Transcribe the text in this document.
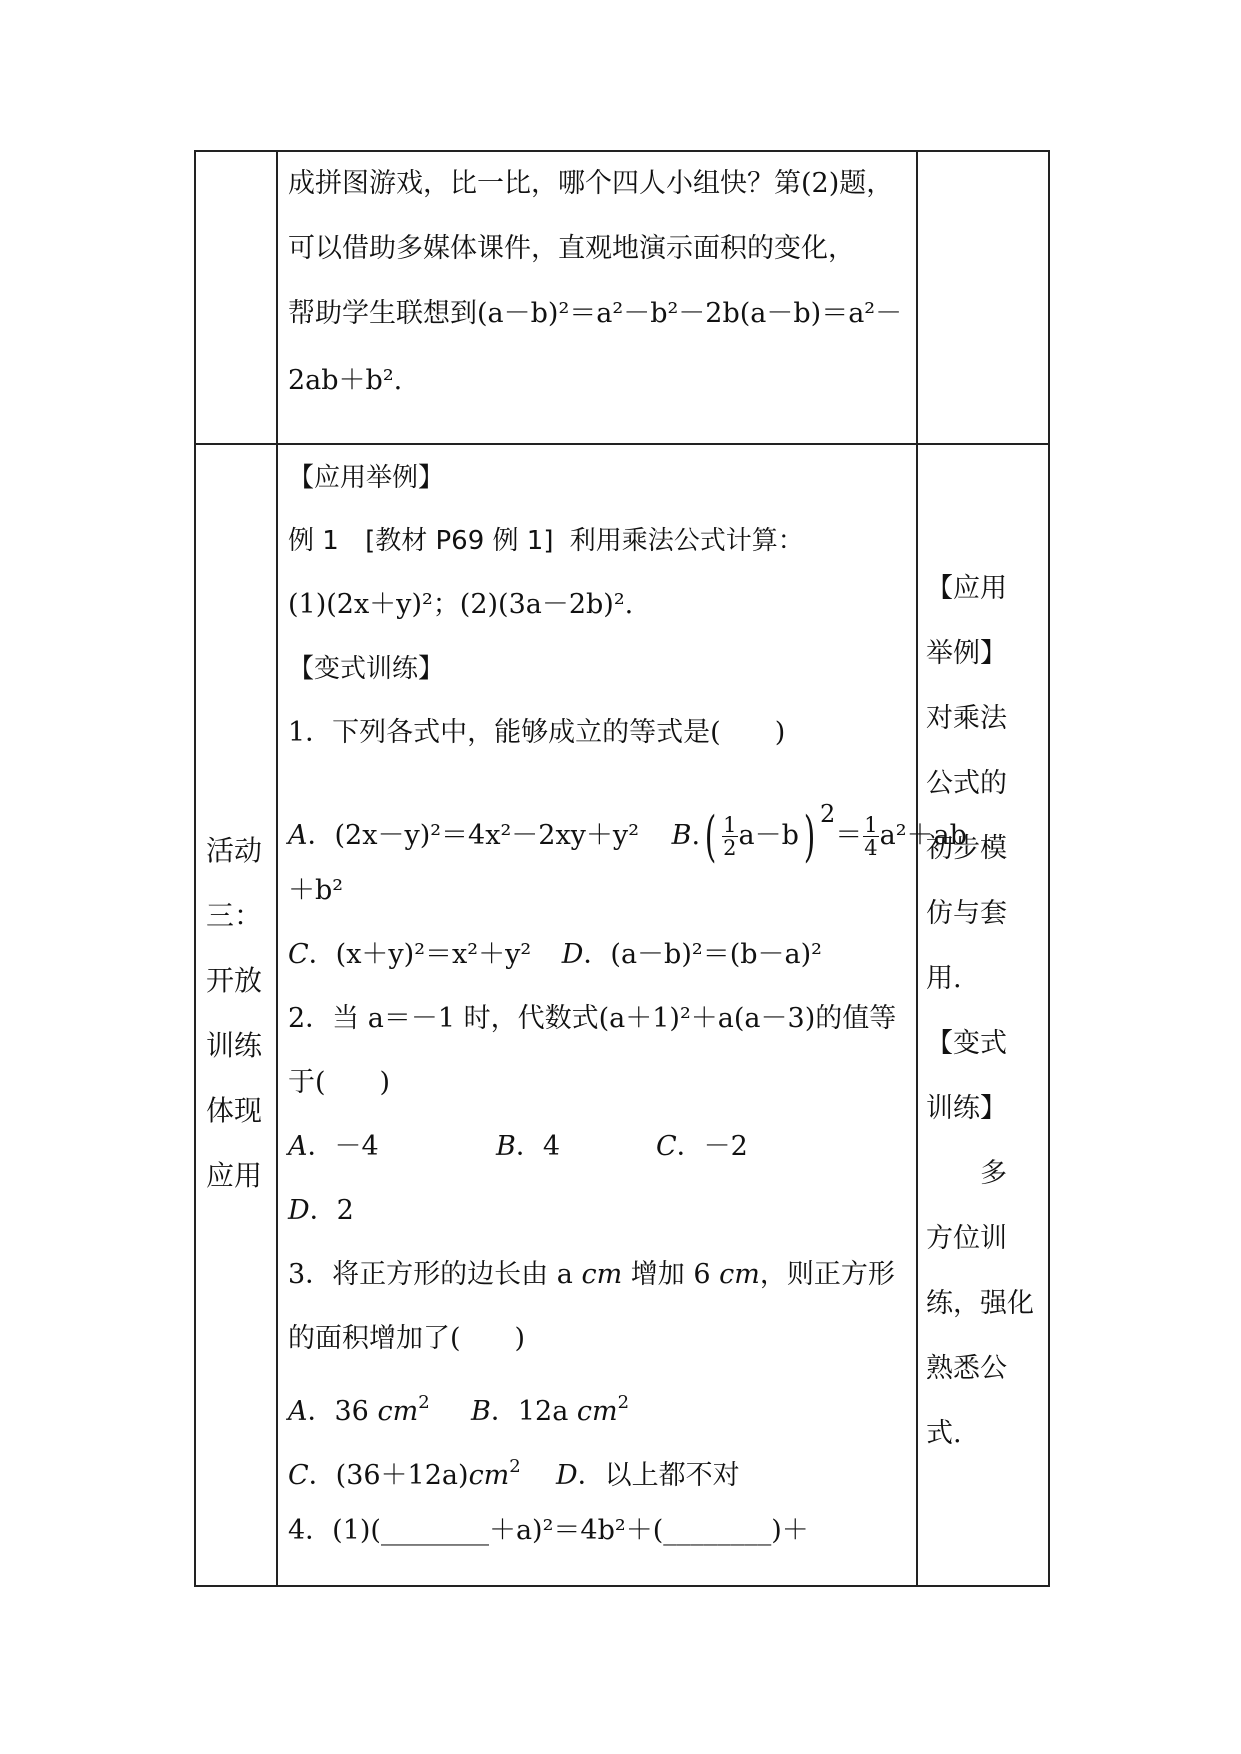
成拼图游戏，比一比，哪个四人小组快？第(2)题，
可以借助多媒体课件，直观地演示面积的变化，
帮助学生联想到(a－b)²＝a²－b²－2b(a－b)＝a²－
2ab＋b².
活动
三：
开放
训练
体现
应用
【应用举例】
例 1 [教材 P69 例 1] 利用乘法公式计算：
(1)(2x＋y)²；(2)(3a－2b)².
【变式训练】
1．下列各式中，能够成立的等式是(　　)
A．(2x－y)²＝4x²－2xy＋y² $B.( \frac{1}{2} a-b)$ $^2= \frac{1}{4} a^2+ab$
＋b²
C．(x＋y)²＝x²＋y² D．(a－b)²＝(b－a)²
2．当 a＝－1 时，代数式(a＋1)²＋a(a－3)的值等
于(　　)
A．－4	B．4	C．－2
D．2
3．将正方形的边长由 a cm 增加 6 cm，则正方形
的面积增加了(　　)
A．36 $cm^2$ B．12a $cm^2$
C．$(36+12a)cm^2$ D．以上都不对
4．(1)(________＋a)²＝4b²＋(________)＋
【应用
举例】
对乘法
公式的
初步模
仿与套
用.
【变式
训练】
　　多
方位训
练，强化
熟悉公
式.
